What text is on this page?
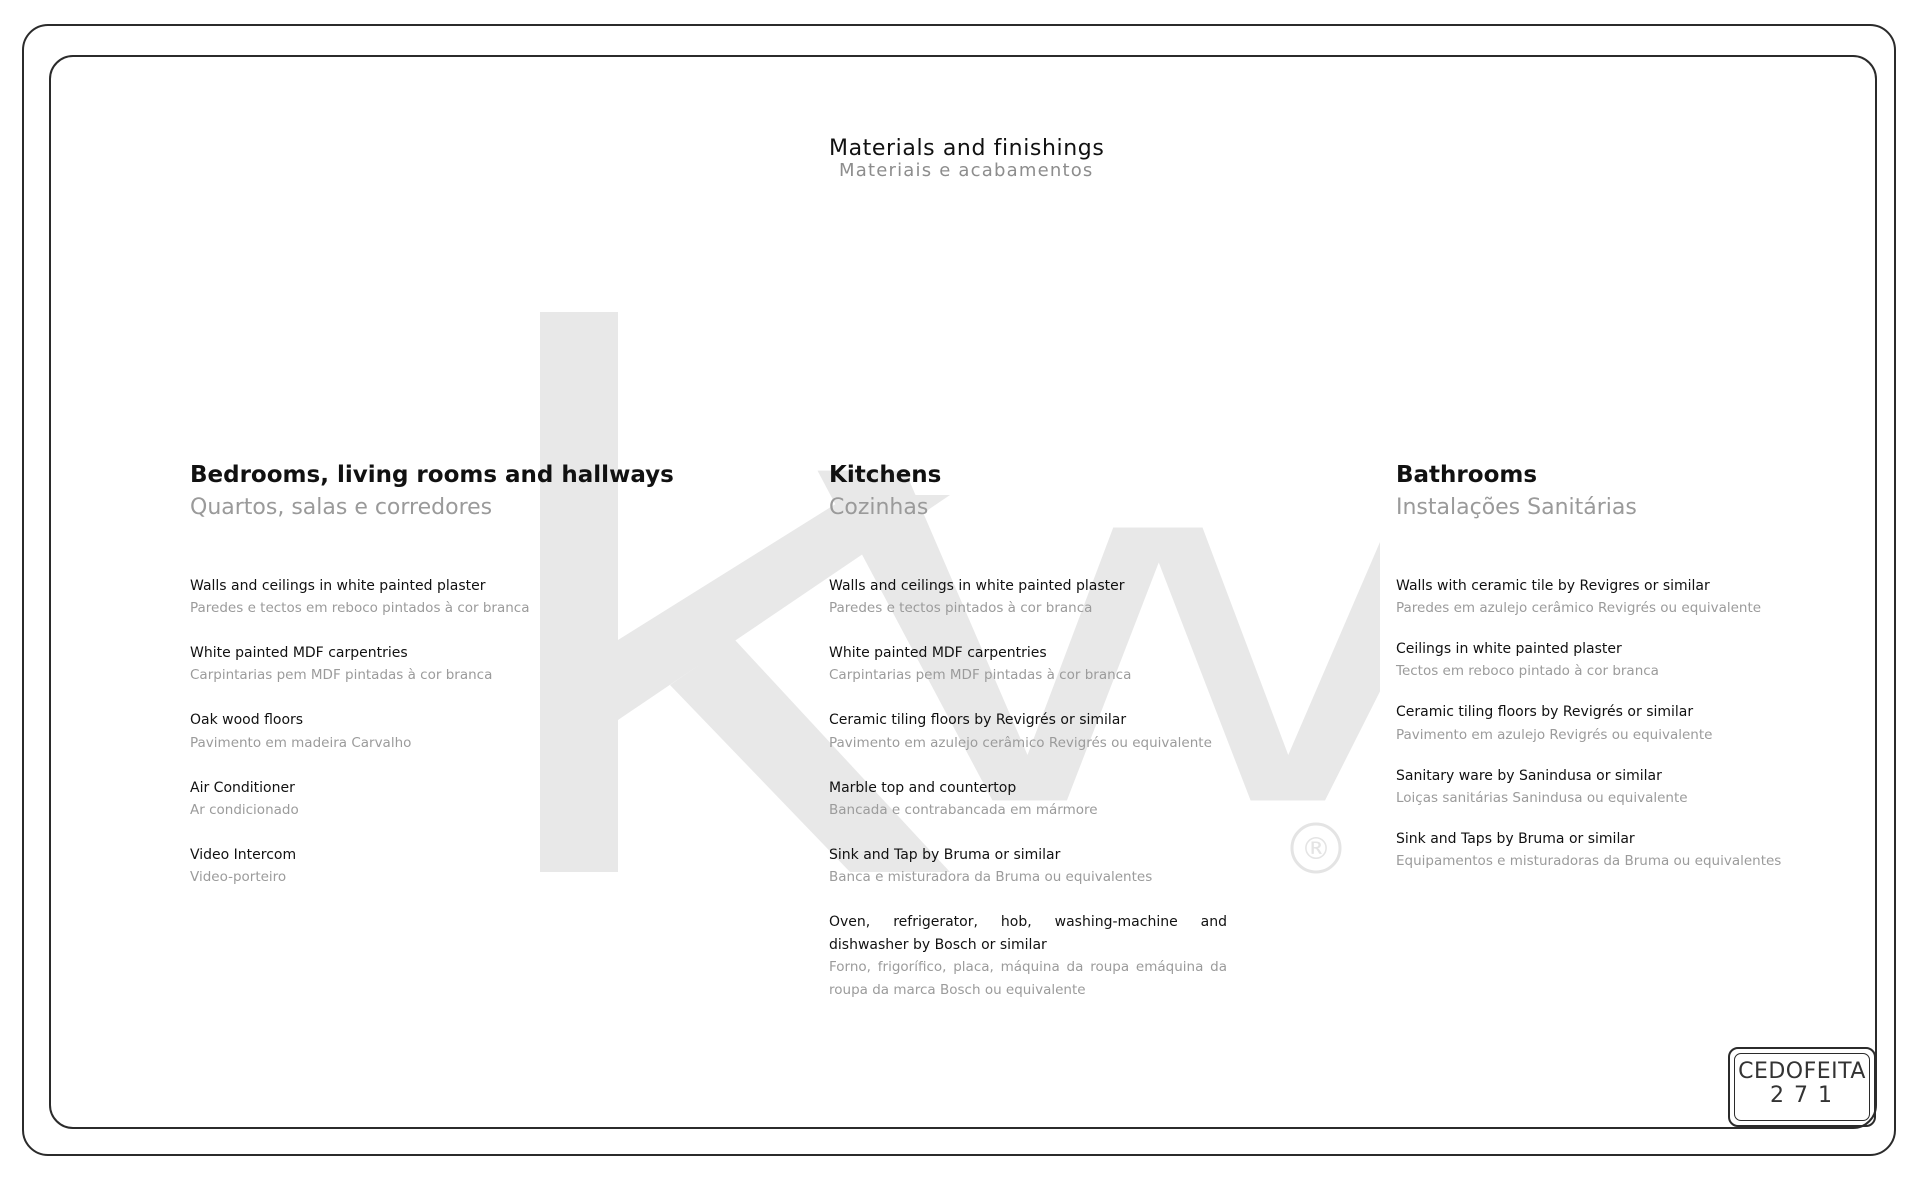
®
Materials and finishings
Materiais e acabamentos
Bedrooms, living rooms and hallways
Quartos, salas e corredores
Walls and ceilings in white painted plaster
Paredes e tectos em reboco pintados à cor branca
White painted MDF carpentries
Carpintarias pem MDF pintadas à cor branca
Oak wood floors
Pavimento em madeira Carvalho
Air Conditioner
Ar condicionado
Video Intercom
Video-porteiro
Kitchens
Cozinhas
Walls and ceilings in white painted plaster
Paredes e tectos pintados à cor branca
White painted MDF carpentries
Carpintarias pem MDF pintadas à cor branca
Ceramic tiling floors by Revigrés or similar
Pavimento em azulejo cerâmico Revigrés ou equivalente
Marble top and countertop
Bancada e contrabancada em mármore
Sink and Tap by Bruma or similar
Banca e misturadora da Bruma ou equivalentes
Oven, refrigerator, hob, washing-machine and dishwasher by Bosch or similar
Forno, frigorífico, placa, máquina da roupa emáquina da roupa da marca Bosch ou equivalente
Bathrooms
Instalações Sanitárias
Walls with ceramic tile by Revigres or similar
Paredes em azulejo cerâmico Revigrés ou equivalente
Ceilings in white painted plaster
Tectos em reboco pintado à cor branca
Ceramic tiling floors by Revigrés or similar
Pavimento em azulejo Revigrés ou equivalente
Sanitary ware by Sanindusa or similar
Loiças sanitárias Sanindusa ou equivalente
Sink and Taps by Bruma or similar
Equipamentos e misturadoras da Bruma ou equivalentes
CEDOFEITA
271
